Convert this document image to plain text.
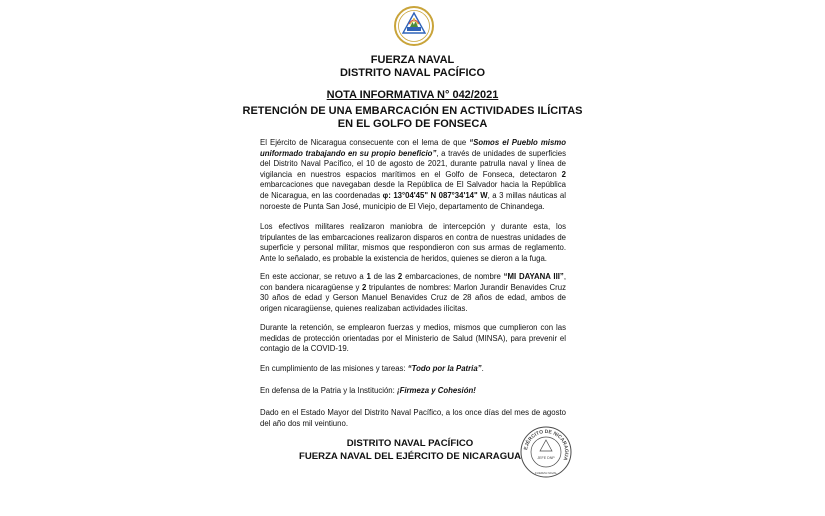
FUERZA NAVAL
DISTRITO NAVAL PACÍFICO
NOTA INFORMATIVA N° 042/2021
RETENCIÓN DE UNA EMBARCACIÓN EN ACTIVIDADES ILÍCITAS
EN EL GOLFO DE FONSECA
El Ejército de Nicaragua consecuente con el lema de que “Somos el Pueblo mismo uniformado trabajando en su propio beneficio”, a través de unidades de superficies del Distrito Naval Pacífico, el 10 de agosto de 2021, durante patrulla naval y línea de vigilancia en nuestros espacios marítimos en el Golfo de Fonseca, detectaron 2 embarcaciones que navegaban desde la República de El Salvador hacia la República de Nicaragua, en las coordenadas φ: 13°04'45" N 087°34'14" W, a 3 millas náuticas al noroeste de Punta San José, municipio de El Viejo, departamento de Chinandega.
Los efectivos militares realizaron maniobra de intercepción y durante esta, los tripulantes de las embarcaciones realizaron disparos en contra de nuestras unidades de superficie y personal militar, mismos que respondieron con sus armas de reglamento. Ante lo señalado, es probable la existencia de heridos, quienes se dieron a la fuga.
En este accionar, se retuvo a 1 de las 2 embarcaciones, de nombre “MI DAYANA III”, con bandera nicaragüense y 2 tripulantes de nombres: Marlon Jurandir Benavides Cruz 30 años de edad y Gerson Manuel Benavides Cruz de 28 años de edad, ambos de origen nicaragüense, quienes realizaban actividades ilícitas.
Durante la retención, se emplearon fuerzas y medios, mismos que cumplieron con las medidas de protección orientadas por el Ministerio de Salud (MINSA), para prevenir el contagio de la COVID-19.
En cumplimiento de las misiones y tareas: “Todo por la Patria”.
En defensa de la Patria y la Institución: ¡Firmeza y Cohesión!
Dado en el Estado Mayor del Distrito Naval Pacífico, a los once días del mes de agosto del año dos mil veintiuno.
DISTRITO NAVAL PACÍFICO
FUERZA NAVAL DEL EJÉRCITO DE NICARAGUA
EJÉRCITO DE NICARAGUA
JEFE DNP
FUERZA NAVAL
